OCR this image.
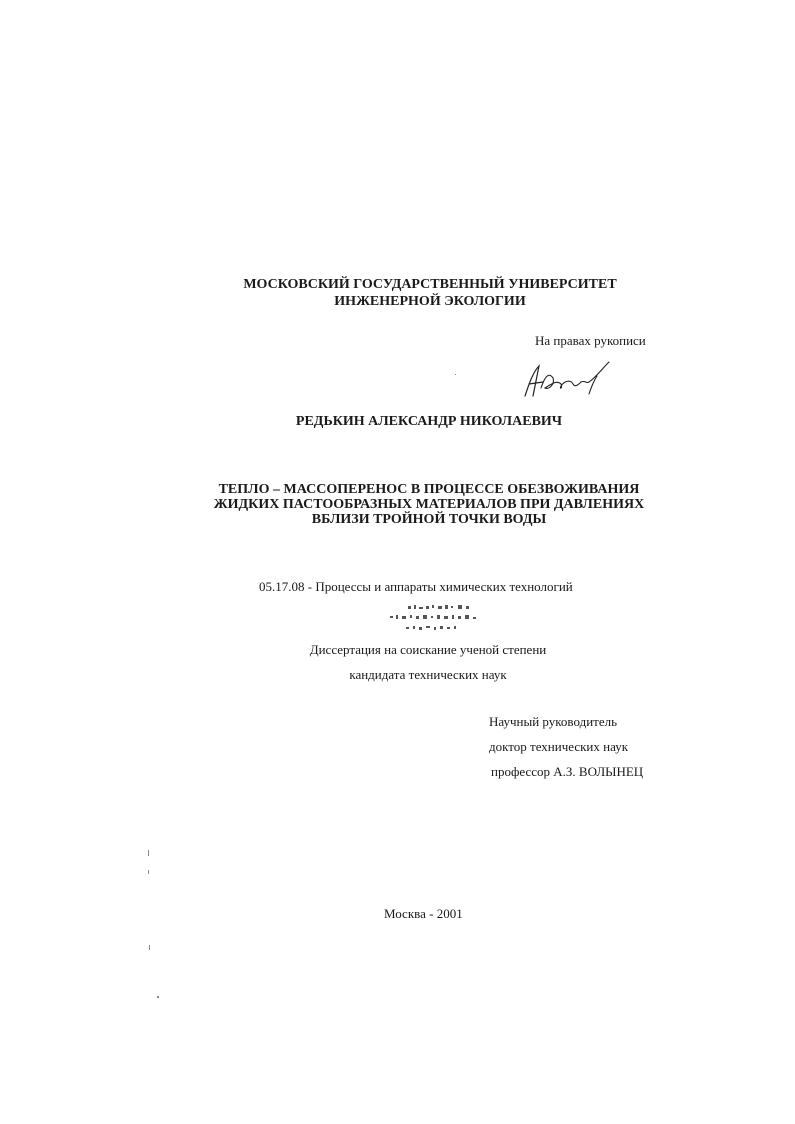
МОСКОВСКИЙ ГОСУДАРСТВЕННЫЙ УНИВЕРСИТЕТ
ИНЖЕНЕРНОЙ ЭКОЛОГИИ
На правах рукописи
РЕДЬКИН АЛЕКСАНДР НИКОЛАЕВИЧ
ТЕПЛО – МАССОПЕРЕНОС В ПРОЦЕССЕ ОБЕЗВОЖИВАНИЯ
ЖИДКИХ ПАСТООБРАЗНЫХ МАТЕРИАЛОВ ПРИ ДАВЛЕНИЯХ
ВБЛИЗИ ТРОЙНОЙ ТОЧКИ ВОДЫ
05.17.08 - Процессы и аппараты химических технологий
Диссертация на соискание ученой степени
кандидата технических наук
Научный руководитель
доктор технических наук
профессор А.З. ВОЛЫНЕЦ
Москва - 2001
